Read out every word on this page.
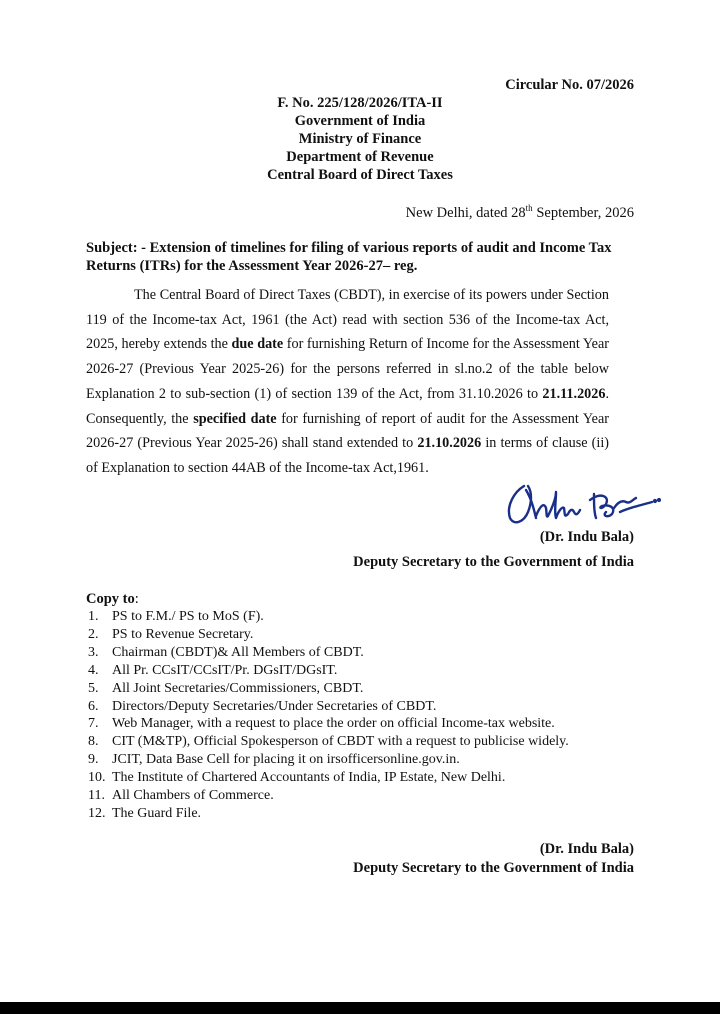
Circular No. 07/2026
F. No. 225/128/2026/ITA-II
Government of India
Ministry of Finance
Department of Revenue
Central Board of Direct Taxes
New Delhi, dated 28th September, 2026
Subject: - Extension of timelines for filing of various reports of audit and Income Tax Returns (ITRs) for the Assessment Year 2026-27– reg.
The Central Board of Direct Taxes (CBDT), in exercise of its powers under Section 119 of the Income-tax Act, 1961 (the Act) read with section 536 of the Income-tax Act, 2025, hereby extends the due date for furnishing Return of Income for the Assessment Year 2026-27 (Previous Year 2025-26) for the persons referred in sl.no.2 of the table below Explanation 2 to sub-section (1) of section 139 of the Act, from 31.10.2026 to 21.11.2026. Consequently, the specified date for furnishing of report of audit for the Assessment Year 2026-27 (Previous Year 2025-26) shall stand extended to 21.10.2026 in terms of clause (ii) of Explanation to section 44AB of the Income-tax Act,1961.
(Dr. Indu Bala)
Deputy Secretary to the Government of India
Copy to:
1. PS to F.M./ PS to MoS (F).
2. PS to Revenue Secretary.
3. Chairman (CBDT)& All Members of CBDT.
4. All Pr. CCsIT/CCsIT/Pr. DGsIT/DGsIT.
5. All Joint Secretaries/Commissioners, CBDT.
6. Directors/Deputy Secretaries/Under Secretaries of CBDT.
7. Web Manager, with a request to place the order on official Income-tax website.
8. CIT (M&TP), Official Spokesperson of CBDT with a request to publicise widely.
9. JCIT, Data Base Cell for placing it on irsofficersonline.gov.in.
10. The Institute of Chartered Accountants of India, IP Estate, New Delhi.
11. All Chambers of Commerce.
12. The Guard File.
(Dr. Indu Bala)
Deputy Secretary to the Government of India
